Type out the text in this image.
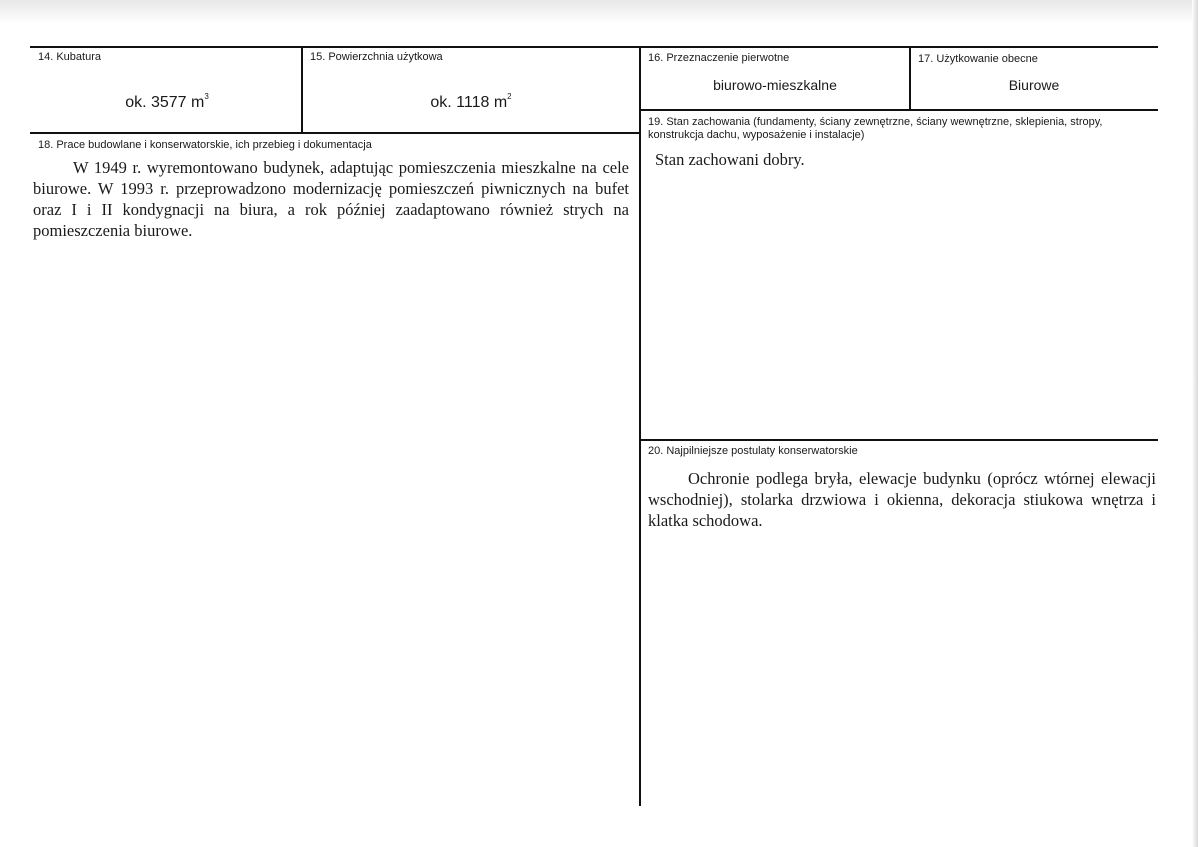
14. Kubatura
ok. 3577 $m^3$
15. Powierzchnia użytkowa
ok. 1118 $m^2$
16. Przeznaczenie pierwotne
biurowo-mieszkalne
17. Użytkowanie obecne
Biurowe
18. Prace budowlane i konserwatorskie, ich przebieg i dokumentacja
W 1949 r. wyremontowano budynek, adaptując pomieszczenia mieszkalne na cele biurowe. W 1993 r. przeprowadzono modernizację pomieszczeń piwnicznych na bufet oraz I i II kondygnacji na biura, a rok później zaadaptowano również strych na pomieszczenia biurowe.
19. Stan zachowania (fundamenty, ściany zewnętrzne, ściany wewnętrzne, sklepienia, stropy, konstrukcja dachu, wyposażenie i instalacje)
Stan zachowani dobry.
20. Najpilniejsze postulaty konserwatorskie
Ochronie podlega bryła, elewacje budynku (oprócz wtórnej elewacji wschodniej), stolarka drzwiowa i okienna, dekoracja stiukowa wnętrza i klatka schodowa.
